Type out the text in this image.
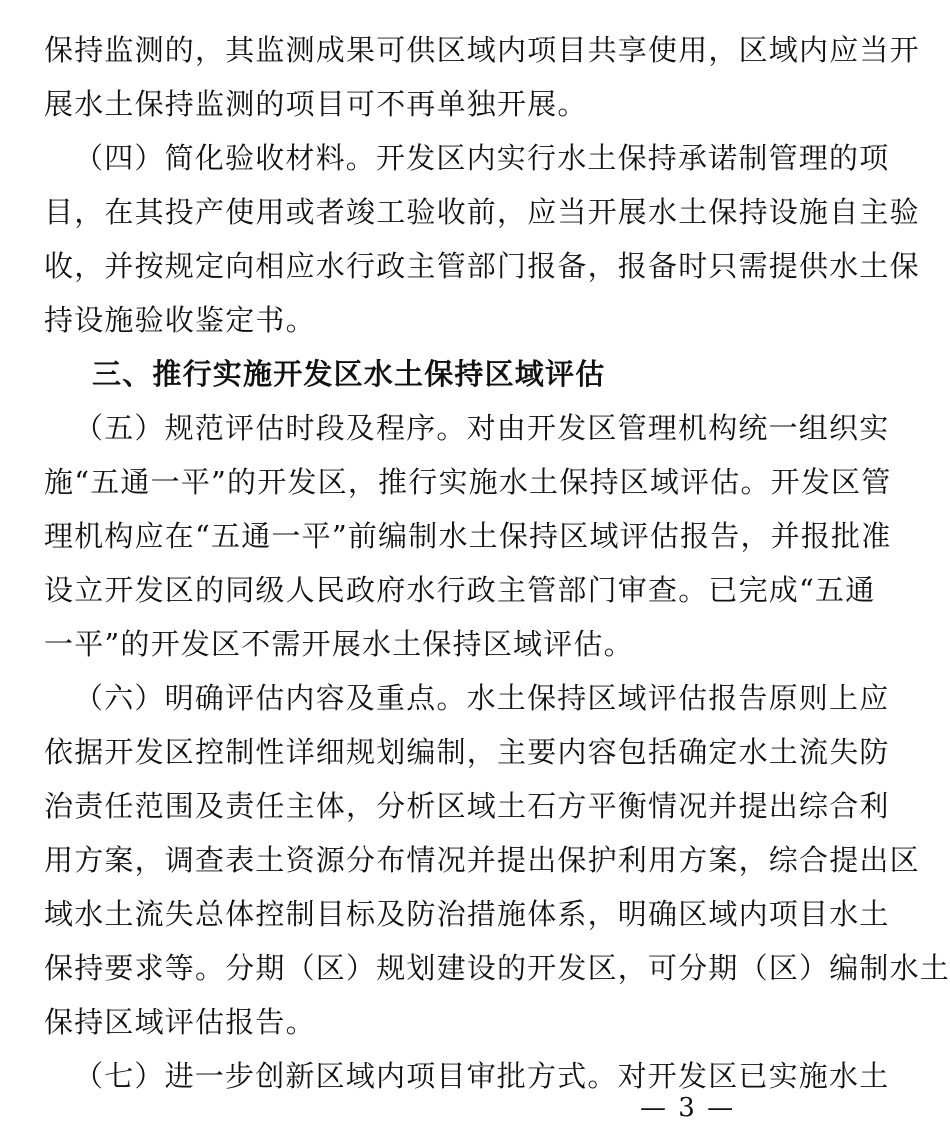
保持监测的，其监测成果可供区域内项目共享使用，区域内应当开
展水土保持监测的项目可不再单独开展。
（四）简化验收材料。开发区内实行水土保持承诺制管理的项
目，在其投产使用或者竣工验收前，应当开展水土保持设施自主验
收，并按规定向相应水行政主管部门报备，报备时只需提供水土保
持设施验收鉴定书。
三、推行实施开发区水土保持区域评估
（五）规范评估时段及程序。对由开发区管理机构统一组织实
施“五通一平”的开发区，推行实施水土保持区域评估。开发区管
理机构应在“五通一平”前编制水土保持区域评估报告，并报批准
设立开发区的同级人民政府水行政主管部门审查。已完成“五通
一平”的开发区不需开展水土保持区域评估。
（六）明确评估内容及重点。水土保持区域评估报告原则上应
依据开发区控制性详细规划编制，主要内容包括确定水土流失防
治责任范围及责任主体，分析区域土石方平衡情况并提出综合利
用方案，调查表土资源分布情况并提出保护利用方案，综合提出区
域水土流失总体控制目标及防治措施体系，明确区域内项目水土
保持要求等。分期（区）规划建设的开发区，可分期（区）编制水土
保持区域评估报告。
（七）进一步创新区域内项目审批方式。对开发区已实施水土
— 3 —
